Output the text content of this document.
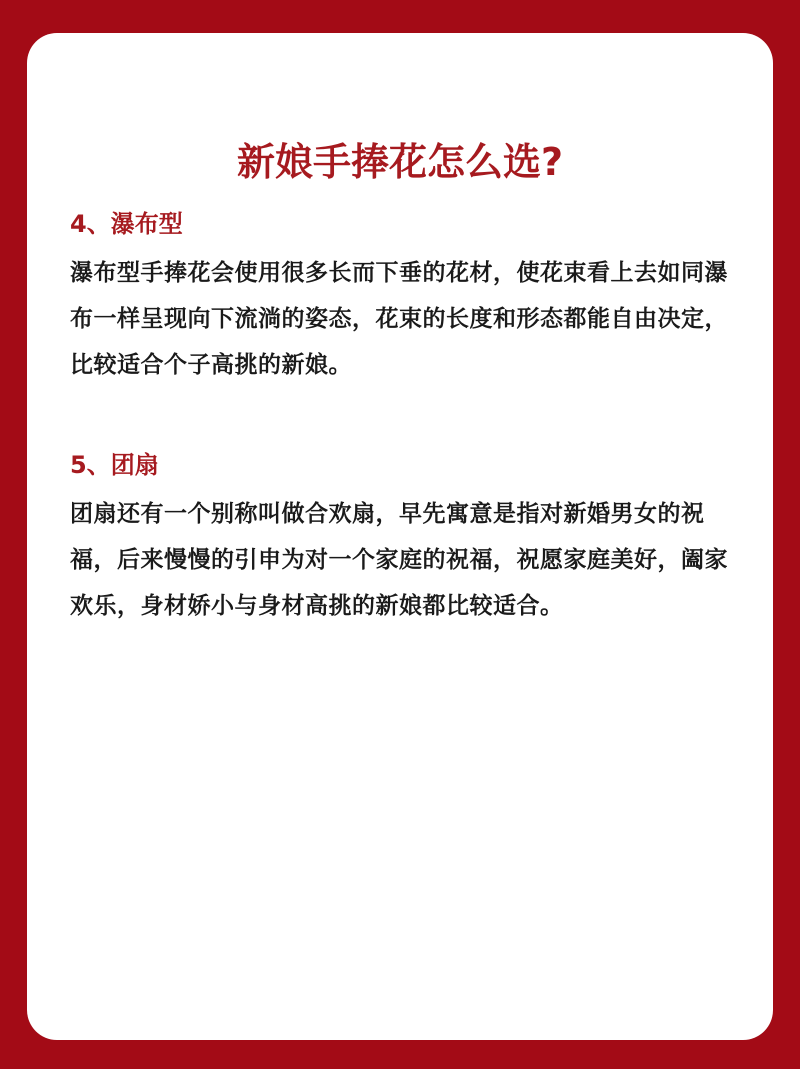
新娘手捧花怎么选?
4、瀑布型

瀑布型手捧花会使用很多长而下垂的花材，使花束看上去如同瀑布一样呈现向下流淌的姿态，花束的长度和形态都能自由决定，比较适合个子高挑的新娘。

5、团扇

团扇还有一个别称叫做合欢扇，早先寓意是指对新婚男女的祝福，后来慢慢的引申为对一个家庭的祝福，祝愿家庭美好，阖家欢乐，身材娇小与身材高挑的新娘都比较适合。
